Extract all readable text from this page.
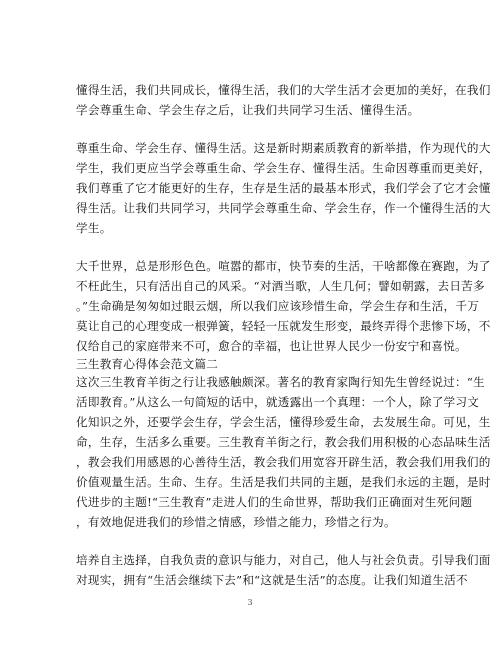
懂得生活，我们共同成长，懂得生活，我们的大学生活才会更加的美好，在我们
学会尊重生命、学会生存之后，让我们共同学习生活、懂得生活。
尊重生命、学会生存、懂得生活。这是新时期素质教育的新举措，作为现代的大
学生，我们更应当学会尊重生命、学会生存、懂得生活。生命因尊重而更美好，
我们尊重了它才能更好的生存，生存是生活的最基本形式，我们学会了它才会懂
得生活。让我们共同学习，共同学会尊重生命、学会生存，作一个懂得生活的大
学生。
大千世界，总是形形色色。喧嚣的都市，快节奏的生活，干啥都像在赛跑，为了
不枉此生，只有活出自己的风采。“对酒当歌，人生几何；譬如朝露，去日苦多
。”生命确是匆匆如过眼云烟，所以我们应该珍惜生命，学会生存和生活，千万
莫让自己的心理变成一根弹簧，轻轻一压就发生形变，最终弄得个悲惨下场，不
仅给自己的家庭带来不可，愈合的幸福，也让世界人民少一份安宁和喜悦。
三生教育心得体会范文篇二
这次三生教育羊街之行让我感触颇深。著名的教育家陶行知先生曾经说过：“生
活即教育。”从这么一句简短的话中，就透露出一个真理：一个人，除了学习文
化知识之外，还要学会生存，学会生活，懂得珍爱生命，去发展生命。可见，生
命，生存，生活多么重要。三生教育羊街之行，教会我们用积极的心态品味生活
，教会我们用感恩的心善待生活，教会我们用宽容开辟生活，教会我们用我们的
价值观量生活。生命、生存。生活是我们共同的主题，是我们永远的主题，是时
代进步的主题!“三生教育”走进人们的生命世界，帮助我们正确面对生死问题
，有效地促进我们的珍惜之情感，珍惜之能力，珍惜之行为。
培养自主选择，自我负责的意识与能力，对自己，他人与社会负责。引导我们面
对现实，拥有“生活会继续下去”和“这就是生活”的态度。让我们知道生活不
3
